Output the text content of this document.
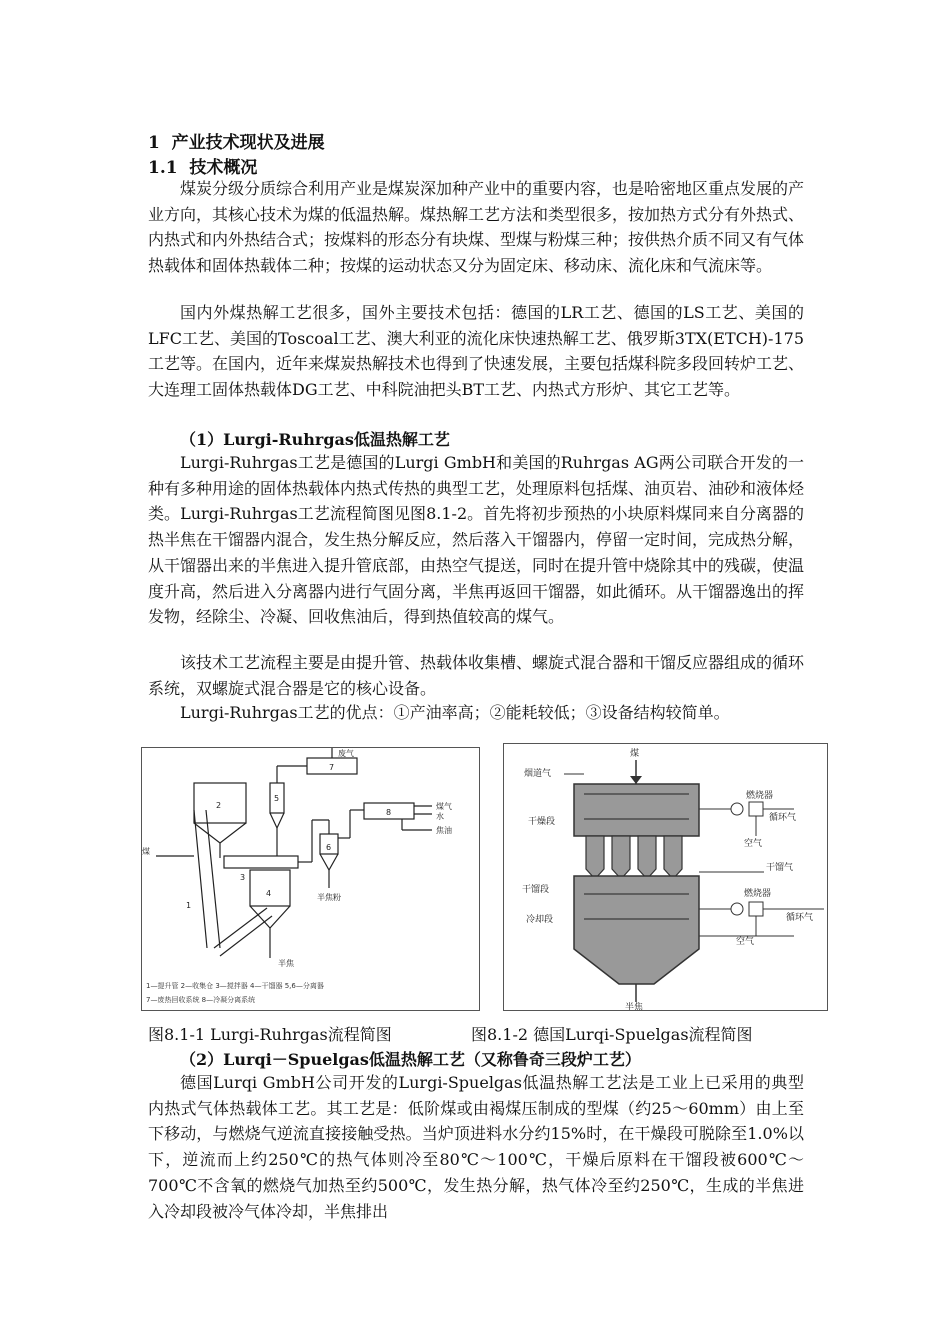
1  产业技术现状及进展
1.1  技术概况

煤炭分级分质综合利用产业是煤炭深加种产业中的重要内容，也是哈密地区重点发展的产业方向，其核心技术为煤的低温热解。煤热解工艺方法和类型很多，按加热方式分有外热式、内热式和内外热结合式；按煤料的形态分有块煤、型煤与粉煤三种；按供热介质不同又有气体热载体和固体热载体二种；按煤的运动状态又分为固定床、移动床、流化床和气流床等。

国内外煤热解工艺很多，国外主要技术包括：德国的LR工艺、德国的LS工艺、美国的LFC工艺、美国的Toscoal工艺、澳大利亚的流化床快速热解工艺、俄罗斯3TX(ETCH)-175工艺等。在国内，近年来煤炭热解技术也得到了快速发展，主要包括煤科院多段回转炉工艺、大连理工固体热载体DG工艺、中科院油把头BT工艺、内热式方形炉、其它工艺等。

（1）Lurgi-Ruhrgas低温热解工艺

Lurgi-Ruhrgas工艺是德国的Lurgi GmbH和美国的Ruhrgas AG两公司联合开发的一种有多种用途的固体热载体内热式传热的典型工艺，处理原料包括煤、油页岩、油砂和液体烃类。Lurgi-Ruhrgas工艺流程简图见图8.1-2。首先将初步预热的小块原料煤同来自分离器的热半焦在干馏器内混合，发生热分解反应，然后落入干馏器内，停留一定时间，完成热分解，从干馏器出来的半焦进入提升管底部，由热空气提送，同时在提升管中烧除其中的残碳，使温度升高，然后进入分离器内进行气固分离，半焦再返回干馏器，如此循环。从干馏器逸出的挥发物，经除尘、冷凝、回收焦油后，得到热值较高的煤气。

该技术工艺流程主要是由提升管、热载体收集槽、螺旋式混合器和干馏反应器组成的循环系统，双螺旋式混合器是它的核心设备。

Lurgi-Ruhrgas工艺的优点：①产油率高；②能耗较低；③设备结构较简单。

1
2
3
4
5
6
7
8
煤
废气
煤气
水
焦油
半焦粉
半焦
1—提升管 2—收集仓 3—搅拌器 4—干馏器 5,6—分离器
7—废热回收系统 8—冷凝分离系统
煤
烟道气
干燥段
燃烧器
循环气
空气
干馏气
干馏段	燃烧器
冷却段	循环气
空气
半焦
图8.1-1 Lurgi-Ruhrgas流程简图	图8.1-2 德国Lurqi-Spuelgas流程简图
（2）Lurqi－Spuelgas低温热解工艺（又称鲁奇三段炉工艺）

德国Lurqi GmbH公司开发的Lurgi-Spuelgas低温热解工艺法是工业上已采用的典型内热式气体热载体工艺。其工艺是：低阶煤或由褐煤压制成的型煤（约25～60mm）由上至下移动，与燃烧气逆流直接接触受热。当炉顶进料水分约15%时，在干燥段可脱除至1.0%以下，逆流而上约250℃的热气体则冷至80℃～100℃，干燥后原料在干馏段被600℃～700℃不含氧的燃烧气加热至约500℃，发生热分解，热气体冷至约250℃，生成的半焦进入冷却段被冷气体冷却，半焦排出
